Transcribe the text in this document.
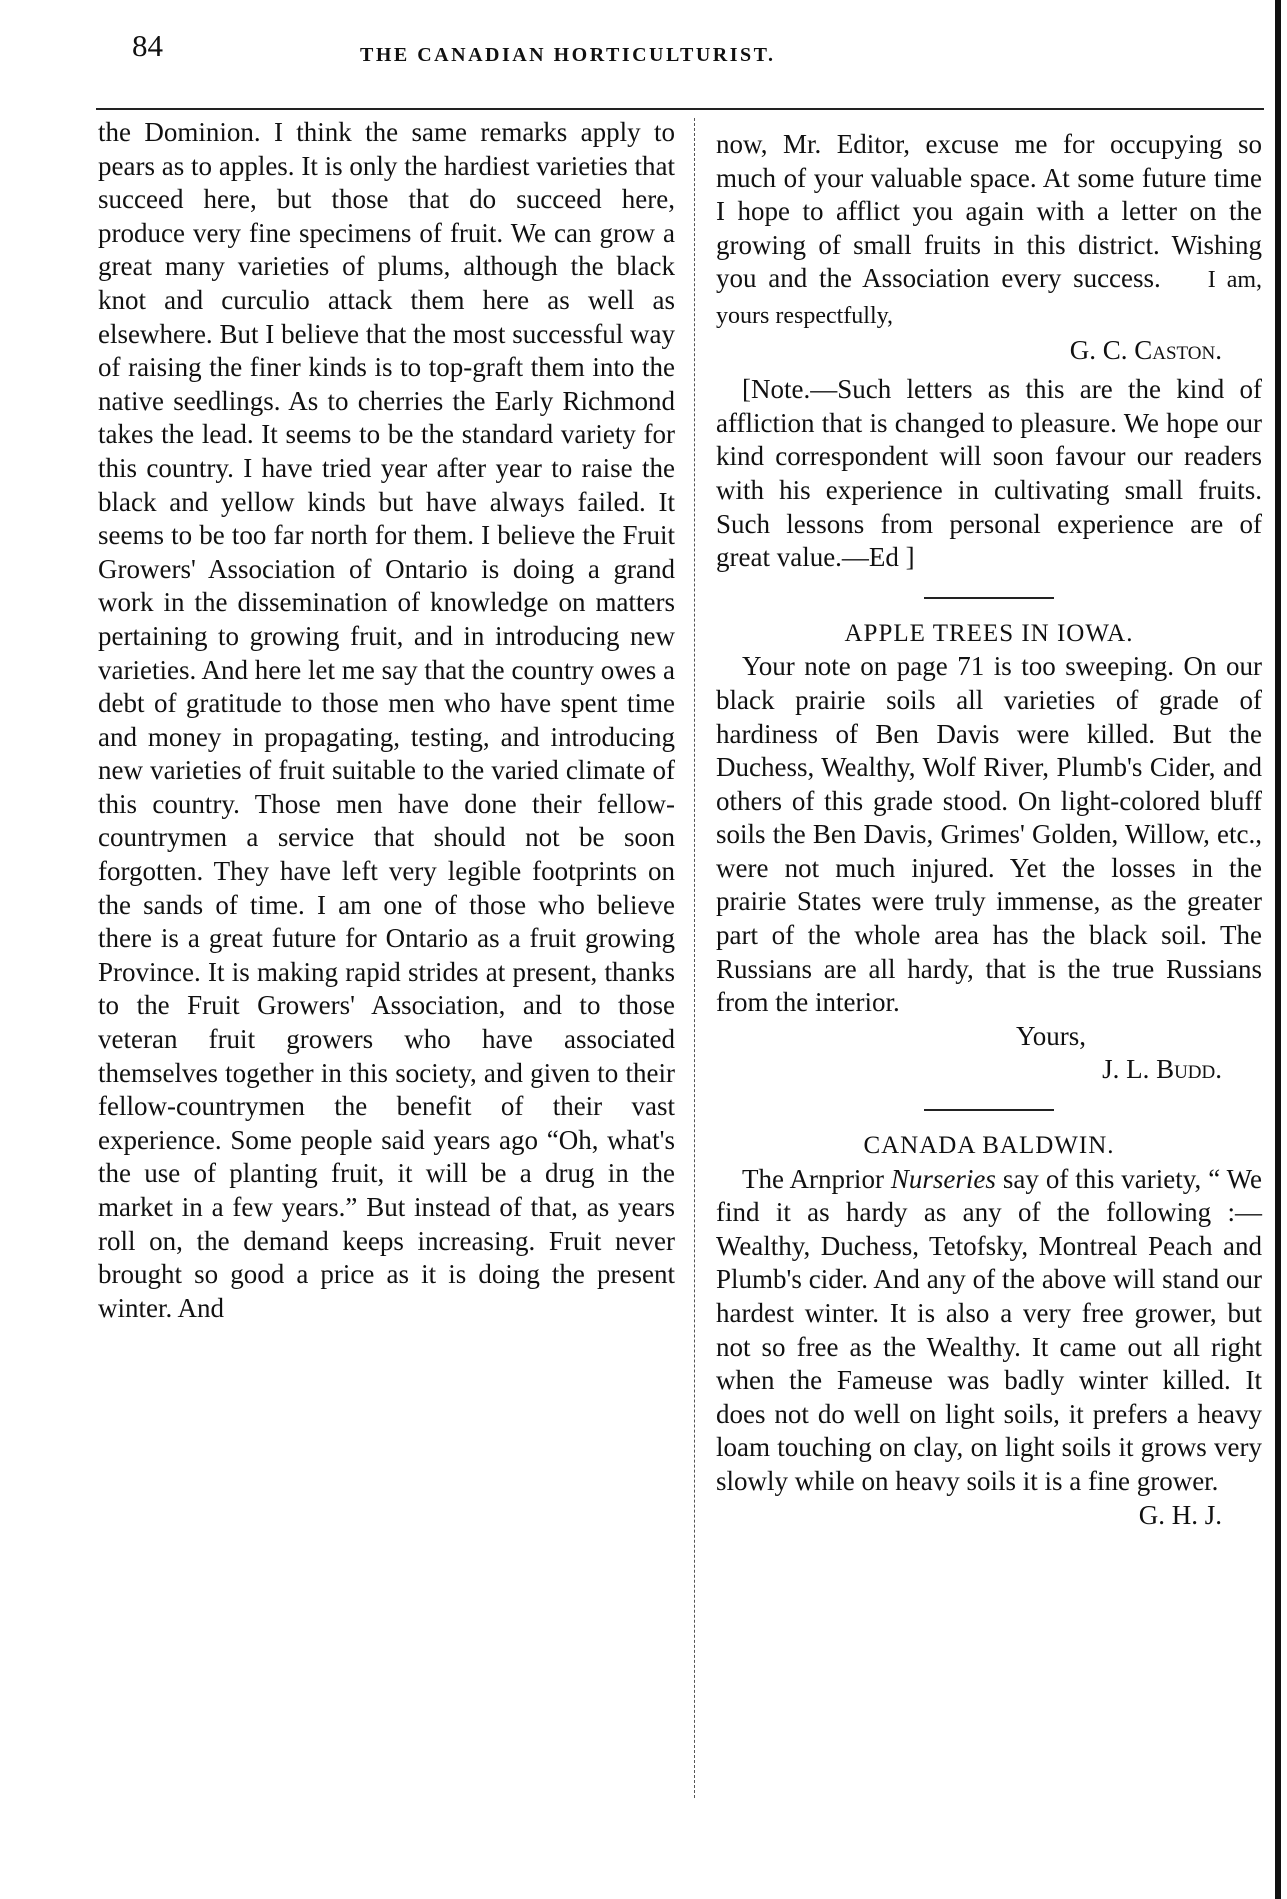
84	THE CANADIAN HORTICULTURIST.

the Dominion. I think the same remarks apply to pears as to apples. It is only the hardiest varieties that succeed here, but those that do succeed here, produce very fine specimens of fruit. We can grow a great many varieties of plums, although the black knot and curculio attack them here as well as elsewhere. But I believe that the most successful way of raising the finer kinds is to top-graft them into the native seedlings. As to cherries the Early Richmond takes the lead. It seems to be the standard variety for this country. I have tried year after year to raise the black and yellow kinds but have always failed. It seems to be too far north for them. I believe the Fruit Growers' Association of Ontario is doing a grand work in the dissemination of knowledge on matters pertaining to growing fruit, and in introducing new varieties. And here let me say that the country owes a debt of gratitude to those men who have spent time and money in propagating, testing, and introducing new varieties of fruit suitable to the varied climate of this country. Those men have done their fellow-countrymen a service that should not be soon forgotten. They have left very legible footprints on the sands of time. I am one of those who believe there is a great future for Ontario as a fruit growing Province. It is making rapid strides at present, thanks to the Fruit Growers' Association, and to those veteran fruit growers who have associated themselves together in this society, and given to their fellow-countrymen the benefit of their vast experience. Some people said years ago “Oh, what's the use of planting fruit, it will be a drug in the market in a few years.” But instead of that, as years roll on, the demand keeps increasing. Fruit never brought so good a price as it is doing the present winter. And

now, Mr. Editor, excuse me for occupying so much of your valuable space. At some future time I hope to afflict you again with a letter on the growing of small fruits in this district. Wishing you and the Association every success. I am, yours respectfully,

G. C. Caston.

[Note.—Such letters as this are the kind of affliction that is changed to pleasure. We hope our kind correspondent will soon favour our readers with his experience in cultivating small fruits. Such lessons from personal experience are of great value.—Ed ]

APPLE TREES IN IOWA.

Your note on page 71 is too sweeping. On our black prairie soils all varieties of grade of hardiness of Ben Davis were killed. But the Duchess, Wealthy, Wolf River, Plumb's Cider, and others of this grade stood. On light-colored bluff soils the Ben Davis, Grimes' Golden, Willow, etc., were not much injured. Yet the losses in the prairie States were truly immense, as the greater part of the whole area has the black soil. The Russians are all hardy, that is the true Russians from the interior.

Yours,

J. L. Budd.

CANADA BALDWIN.

The Arnprior Nurseries say of this variety, “ We find it as hardy as any of the following :—Wealthy, Duchess, Tetofsky, Montreal Peach and Plumb's cider. And any of the above will stand our hardest winter. It is also a very free grower, but not so free as the Wealthy. It came out all right when the Fameuse was badly winter killed. It does not do well on light soils, it prefers a heavy loam touching on clay, on light soils it grows very slowly while on heavy soils it is a fine grower.

G. H. J.
